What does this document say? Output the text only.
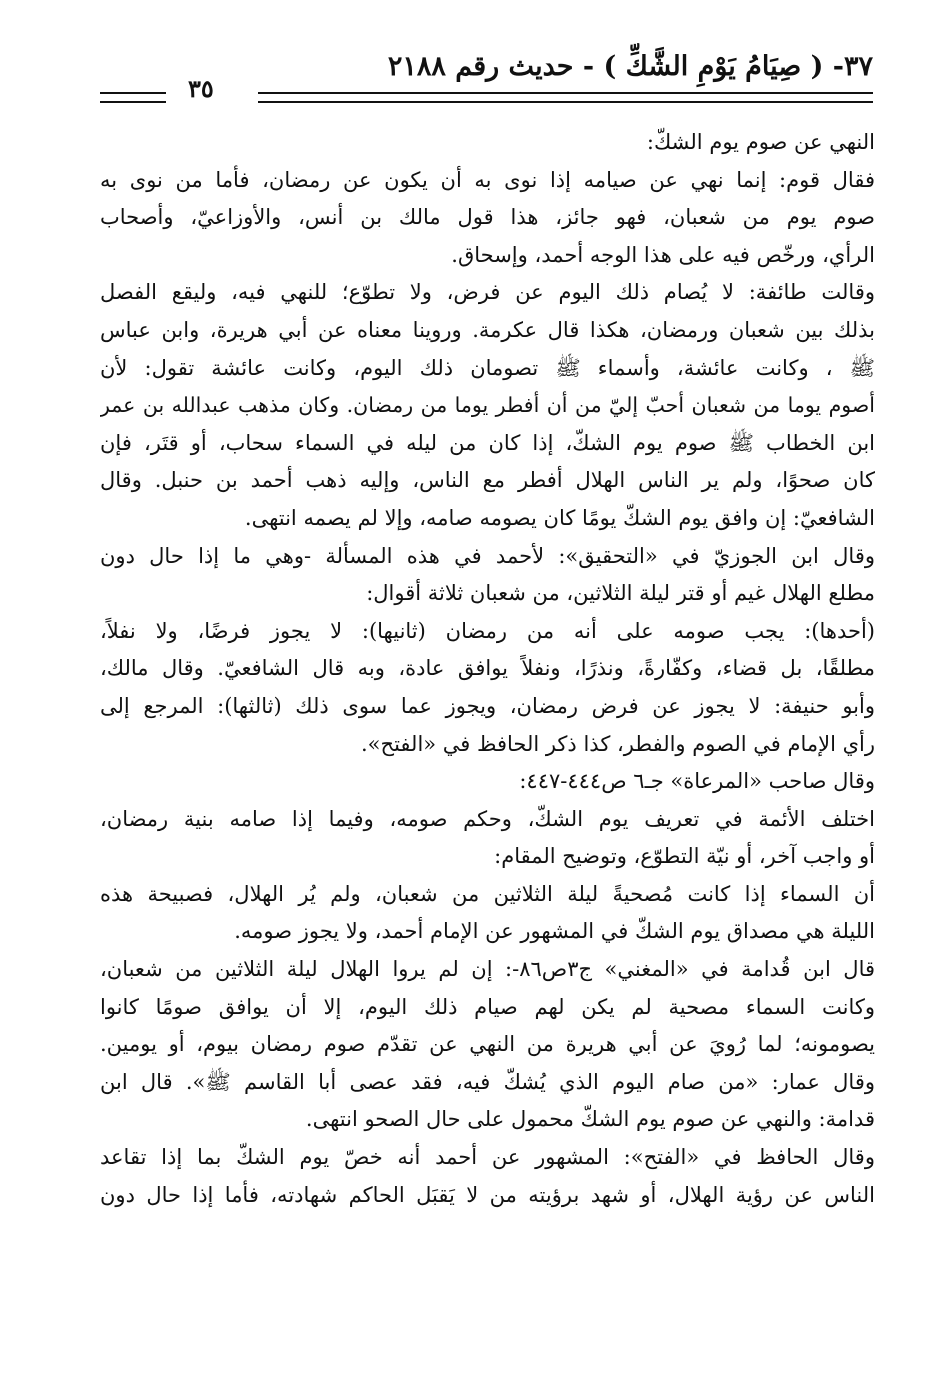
٣٧- ( صِيَامُ يَوْمِ الشَّكِّ ) - حديث رقم ٢١٨٨
٣٥
النهي عن صوم يوم الشكّ:
فقال قوم: إنما نهي عن صيامه إذا نوى به أن يكون عن رمضان، فأما من نوى به
صوم يوم من شعبان، فهو جائز، هذا قول مالك بن أنس، والأوزاعيّ، وأصحاب
الرأي، ورخّص فيه على هذا الوجه أحمد، وإسحاق.
وقالت طائفة: لا يُصام ذلك اليوم عن فرض، ولا تطوّع؛ للنهي فيه، وليقع الفصل
بذلك بين شعبان ورمضان، هكذا قال عكرمة. وروينا معناه عن أبي هريرة، وابن عباس
ﷺ ، وكانت عائشة، وأسماء ﷺ تصومان ذلك اليوم، وكانت عائشة تقول: لأن
أصوم يوما من شعبان أحبّ إليّ من أن أفطر يوما من رمضان. وكان مذهب عبدالله بن عمر
ابن الخطاب ﷺ صوم يوم الشكّ، إذا كان من ليله في السماء سحاب، أو قتَر، فإن
كان صحوًا، ولم ير الناس الهلال أفطر مع الناس، وإليه ذهب أحمد بن حنبل. وقال
الشافعيّ: إن وافق يوم الشكّ يومًا كان يصومه صامه، وإلا لم يصمه انتهى.
وقال ابن الجوزيّ في «التحقيق»: لأحمد في هذه المسألة -وهي ما إذا حال دون
مطلع الهلال غيم أو قتر ليلة الثلاثين، من شعبان ثلاثة أقوال:
(أحدها): يجب صومه على أنه من رمضان (ثانيها): لا يجوز فرضًا، ولا نفلاً،
مطلقًا، بل قضاء، وكفّارةً، ونذرًا، ونفلاً يوافق عادة، وبه قال الشافعيّ. وقال مالك،
وأبو حنيفة: لا يجوز عن فرض رمضان، ويجوز عما سوى ذلك (ثالثها): المرجع إلى
رأي الإمام في الصوم والفطر، كذا ذكر الحافظ في «الفتح».
وقال صاحب «المرعاة» جـ٦ ص٤٤٤-٤٤٧:
اختلف الأئمة في تعريف يوم الشكّ، وحكم صومه، وفيما إذا صامه بنية رمضان،
أو واجب آخر، أو نيّة التطوّع، وتوضيح المقام:
أن السماء إذا كانت مُصحيةً ليلة الثلاثين من شعبان، ولم يُر الهلال، فصبيحة هذه
الليلة هي مصداق يوم الشكّ في المشهور عن الإمام أحمد، ولا يجوز صومه.
قال ابن قُدامة في «المغني» ج٣ص٨٦-: إن لم يروا الهلال ليلة الثلاثين من شعبان،
وكانت السماء مصحية لم يكن لهم صيام ذلك اليوم، إلا أن يوافق صومًا كانوا
يصومونه؛ لما رُويَ عن أبي هريرة من النهي عن تقدّم صوم رمضان بيوم، أو يومين.
وقال عمار: «من صام اليوم الذي يُشكّ فيه، فقد عصى أبا القاسم ﷺ». قال ابن
قدامة: والنهي عن صوم يوم الشكّ محمول على حال الصحو انتهى.
وقال الحافظ في «الفتح»: المشهور عن أحمد أنه خصّ يوم الشكّ بما إذا تقاعد
الناس عن رؤية الهلال، أو شهد برؤيته من لا يَقبَل الحاكم شهادته، فأما إذا حال دون
